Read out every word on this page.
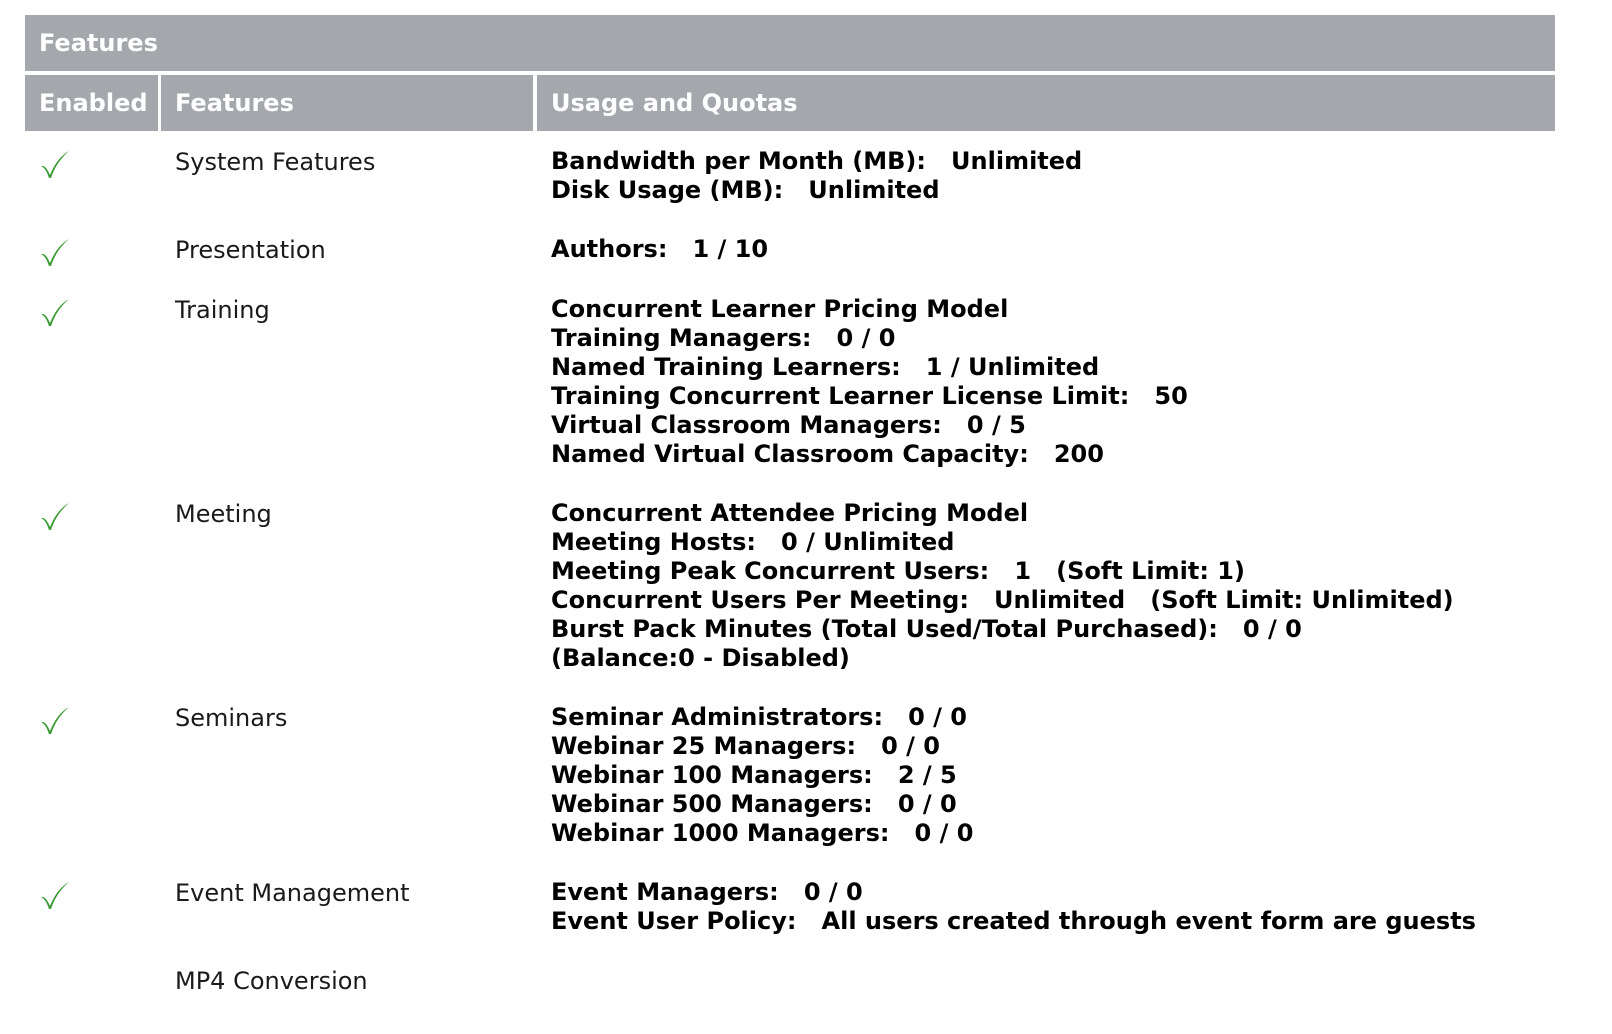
Features
Enabled	Features	Usage and Quotas
System Features	Bandwidth per Month (MB):   Unlimited
Disk Usage (MB):   Unlimited
Presentation	Authors:   1 / 10
Training	Concurrent Learner Pricing Model
Training Managers:   0 / 0
Named Training Learners:   1 / Unlimited
Training Concurrent Learner License Limit:   50
Virtual Classroom Managers:   0 / 5
Named Virtual Classroom Capacity:   200
Meeting	Concurrent Attendee Pricing Model
Meeting Hosts:   0 / Unlimited
Meeting Peak Concurrent Users:   1   (Soft Limit: 1)
Concurrent Users Per Meeting:   Unlimited   (Soft Limit: Unlimited)
Burst Pack Minutes (Total Used/Total Purchased):   0 / 0
(Balance:0 - Disabled)
Seminars	Seminar Administrators:   0 / 0
Webinar 25 Managers:   0 / 0
Webinar 100 Managers:   2 / 5
Webinar 500 Managers:   0 / 0
Webinar 1000 Managers:   0 / 0
Event Management	Event Managers:   0 / 0
Event User Policy:   All users created through event form are guests
MP4 Conversion
